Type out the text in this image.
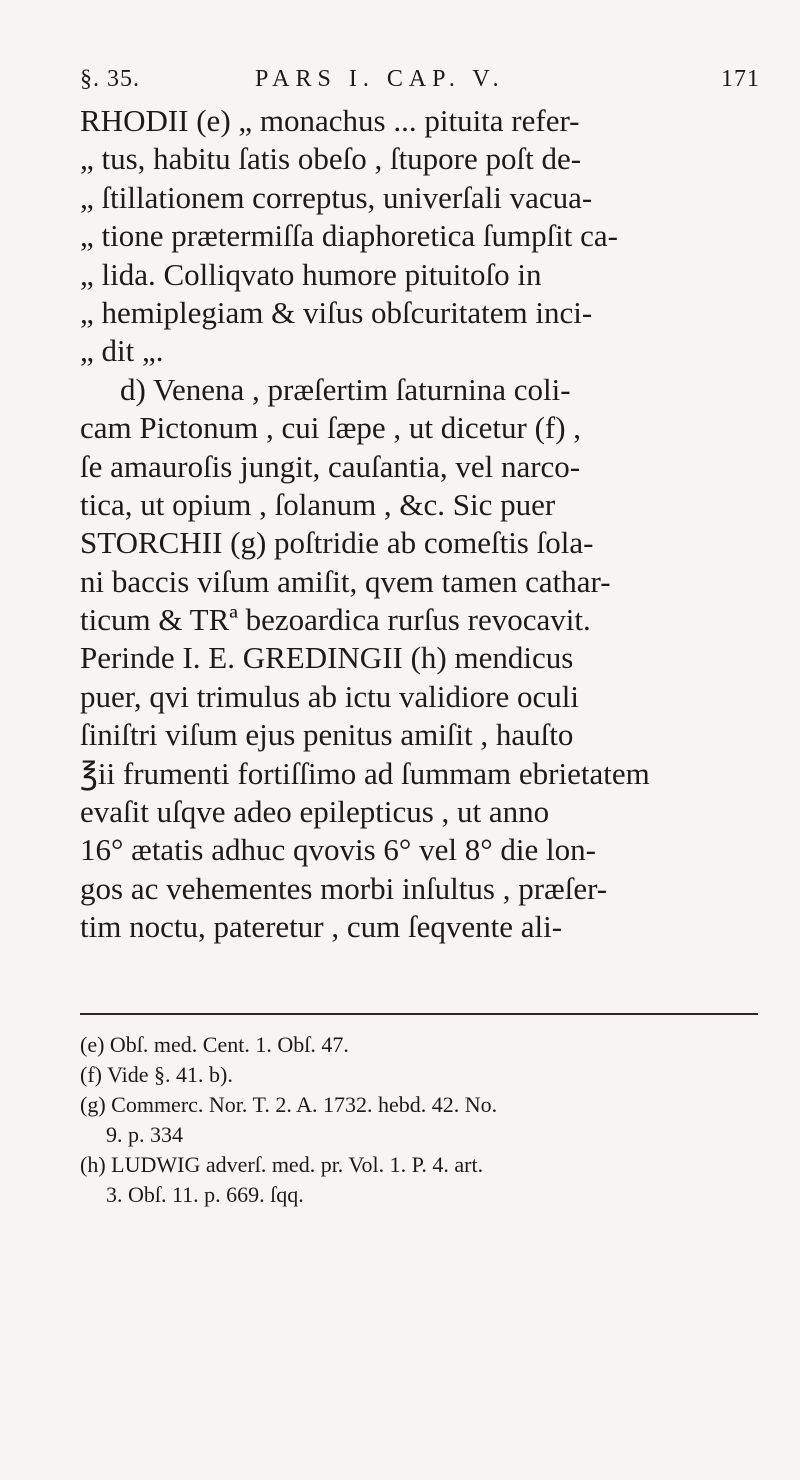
§. 35.	PARS I. CAP. V.	171
RHODII (e) „ monachus ... pituita refer-
„ tus, habitu ſatis obeſo , ſtupore poſt de-
„ ſtillationem correptus, univerſali vacua-
„ tione prætermiſſa diaphoretica ſumpſit ca-
„ lida. Colliqvato humore pituitoſo in
„ hemiplegiam & viſus obſcuritatem inci-
„ dit „.
d) Venena , præſertim ſaturnina coli-
cam Pictonum , cui ſæpe , ut dicetur (f) ,
ſe amauroſis jungit, cauſantia, vel narco-
tica, ut opium , ſolanum , &c. Sic puer
STORCHII (g) poſtridie ab comeſtis ſola-
ni baccis viſum amiſit, qvem tamen cathar-
ticum & TRª bezoardica rurſus revocavit.
Perinde I. E. GREDINGII (h) mendicus
puer, qvi trimulus ab ictu validiore oculi
ſiniſtri viſum ejus penitus amiſit , hauſto
℥ii frumenti fortiſſimo ad ſummam ebrietatem
evaſit uſqve adeo epilepticus , ut anno
16° ætatis adhuc qvovis 6° vel 8° die lon-
gos ac vehementes morbi inſultus , præſer-
tim noctu, pateretur , cum ſeqvente ali-
(e) Obſ. med. Cent. 1. Obſ. 47.
(f) Vide §. 41. b).
(g) Commerc. Nor. T. 2. A. 1732. hebd. 42. No.
9. p. 334
(h) LUDWIG adverſ. med. pr. Vol. 1. P. 4. art.
3. Obſ. 11. p. 669. ſqq.
